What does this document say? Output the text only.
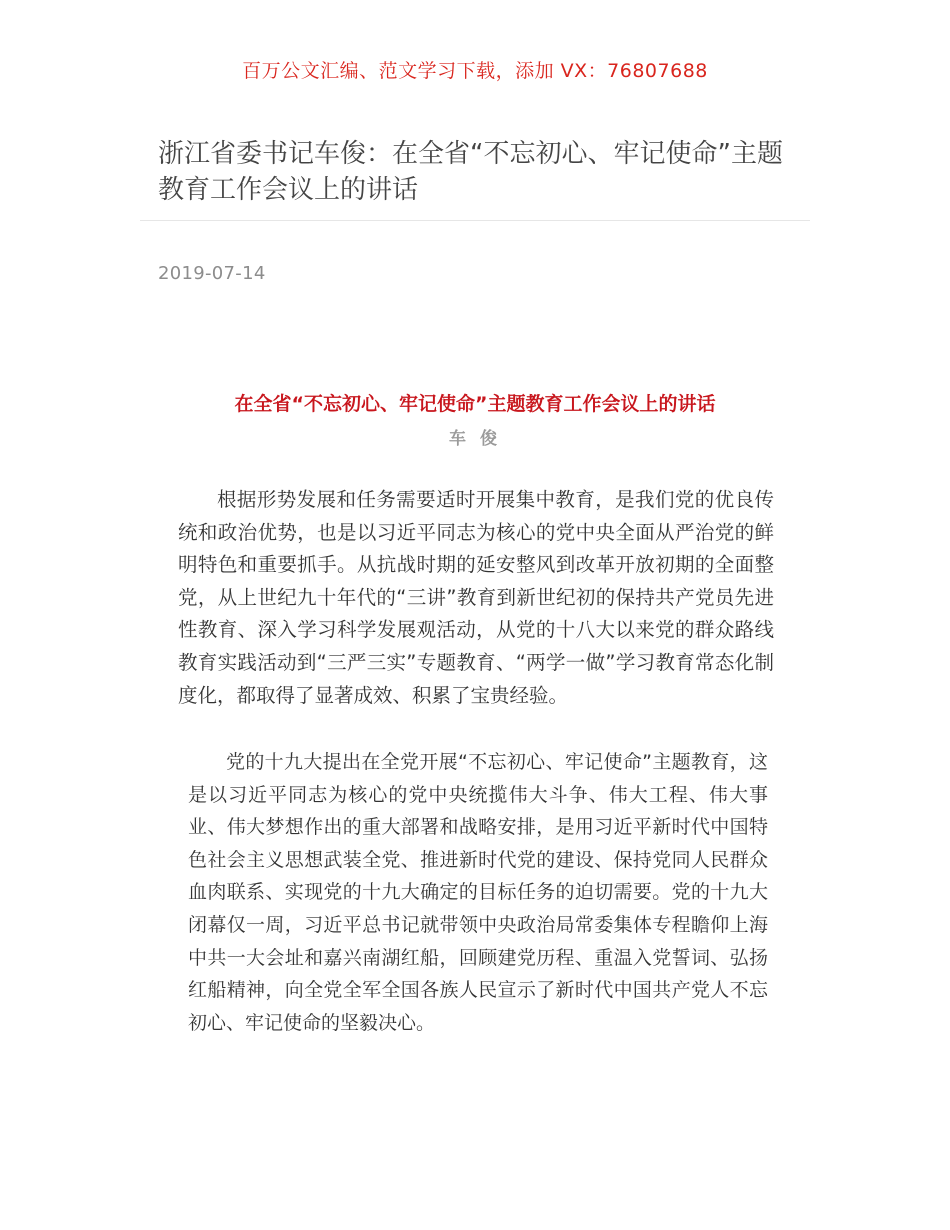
百万公文汇编、范文学习下载，添加 VX：76807688
浙江省委书记车俊：在全省“不忘初心、牢记使命”主题教育工作会议上的讲话
2019-07-14
在全省“不忘初心、牢记使命”主题教育工作会议上的讲话
车 俊

根据形势发展和任务需要适时开展集中教育，是我们党的优良传统和政治优势，也是以习近平同志为核心的党中央全面从严治党的鲜明特色和重要抓手。从抗战时期的延安整风到改革开放初期的全面整党，从上世纪九十年代的“三讲”教育到新世纪初的保持共产党员先进性教育、深入学习科学发展观活动，从党的十八大以来党的群众路线教育实践活动到“三严三实”专题教育、“两学一做”学习教育常态化制度化，都取得了显著成效、积累了宝贵经验。

党的十九大提出在全党开展“不忘初心、牢记使命”主题教育，这是以习近平同志为核心的党中央统揽伟大斗争、伟大工程、伟大事业、伟大梦想作出的重大部署和战略安排，是用习近平新时代中国特色社会主义思想武装全党、推进新时代党的建设、保持党同人民群众血肉联系、实现党的十九大确定的目标任务的迫切需要。党的十九大闭幕仅一周，习近平总书记就带领中央政治局常委集体专程瞻仰上海中共一大会址和嘉兴南湖红船，回顾建党历程、重温入党誓词、弘扬红船精神，向全党全军全国各族人民宣示了新时代中国共产党人不忘初心、牢记使命的坚毅决心。
